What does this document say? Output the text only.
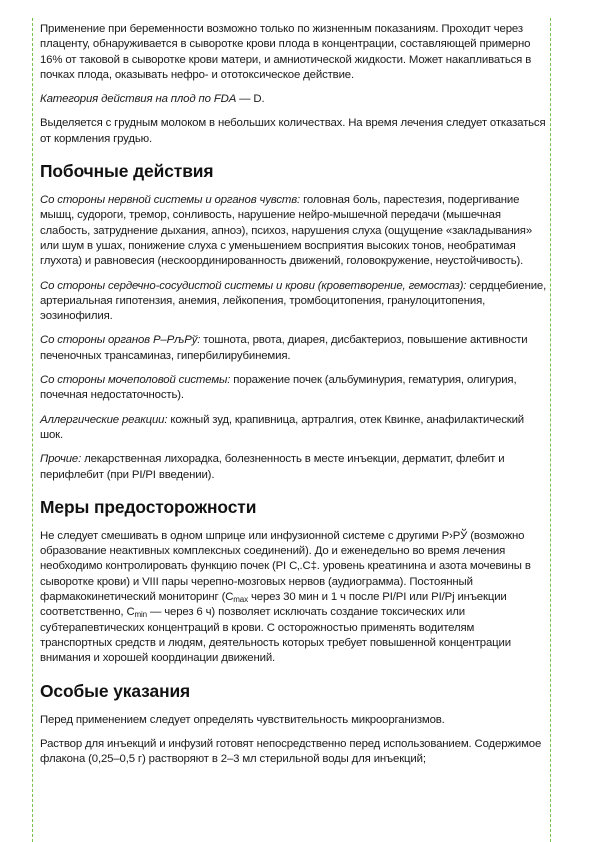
Применение при беременности возможно только по жизненным показаниям. Проходит через плаценту, обнаруживается в сыворотке крови плода в концентрации, составляющей примерно 16% от таковой в сыворотке крови матери, и амниотической жидкости. Может накапливаться в почках плода, оказывать нефро- и ототоксическое действие.

Категория действия на плод по FDA — D.

Выделяется с грудным молоком в небольших количествах. На время лечения следует отказаться от кормления грудью.

Побочные действия

Со стороны нервной системы и органов чувств: головная боль, парестезия, подергивание мышц, судороги, тремор, сонливость, нарушение нейро-мышечной передачи (мышечная слабость, затруднение дыхания, апноэ), психоз, нарушения слуха (ощущение «закладывания» или шум в ушах, понижение слуха с уменьшением восприятия высоких тонов, необратимая глухота) и равновесия (нескоординированность движений, головокружение, неустойчивость).

Со стороны сердечно-сосудистой системы и крови (кроветворение, гемостаз): сердцебиение, артериальная гипотензия, анемия, лейкопения, тромбоцитопения, гранулоцитопения, эозинофилия.

Со стороны органов Р–РљРў: тошнота, рвота, диарея, дисбактериоз, повышение активности печеночных трансаминаз, гипербилирубинемия.

Со стороны мочеполовой системы: поражение почек (альбуминурия, гематурия, олигурия, почечная недостаточность).

Аллергические реакции: кожный зуд, крапивница, артралгия, отек Квинке, анафилактический шок.

Прочие: лекарственная лихорадка, болезненность в месте инъекции, дерматит, флебит и перифлебит (при РІ/РІ введении).

Меры предосторожности

Не следует смешивать в одном шприце или инфузионной системе с другими Р›РЎ (возможно образование неактивных комплексных соединений). До и еженедельно во время лечения необходимо контролировать функцию почек (РІ С‚.С‡. уровень креатинина и азота мочевины в сыворотке крови) и VIII пары черепно-мозговых нервов (аудиограмма). Постоянный фармакокинетический мониторинг ($C_{max}$ через 30 мин и 1 ч после РІ/РІ или РІ/Рј инъекции соответственно, $C_{min}$ — через 6 ч) позволяет исключать создание токсических или субтерапевтических концентраций в крови. С осторожностью применять водителям транспортных средств и людям, деятельность которых требует повышенной концентрации внимания и хорошей координации движений.

Особые указания

Перед применением следует определять чувствительность микроорганизмов.

Раствор для инъекций и инфузий готовят непосредственно перед использованием. Содержимое флакона (0,25–0,5 г) растворяют в 2–3 мл стерильной воды для инъекций;
